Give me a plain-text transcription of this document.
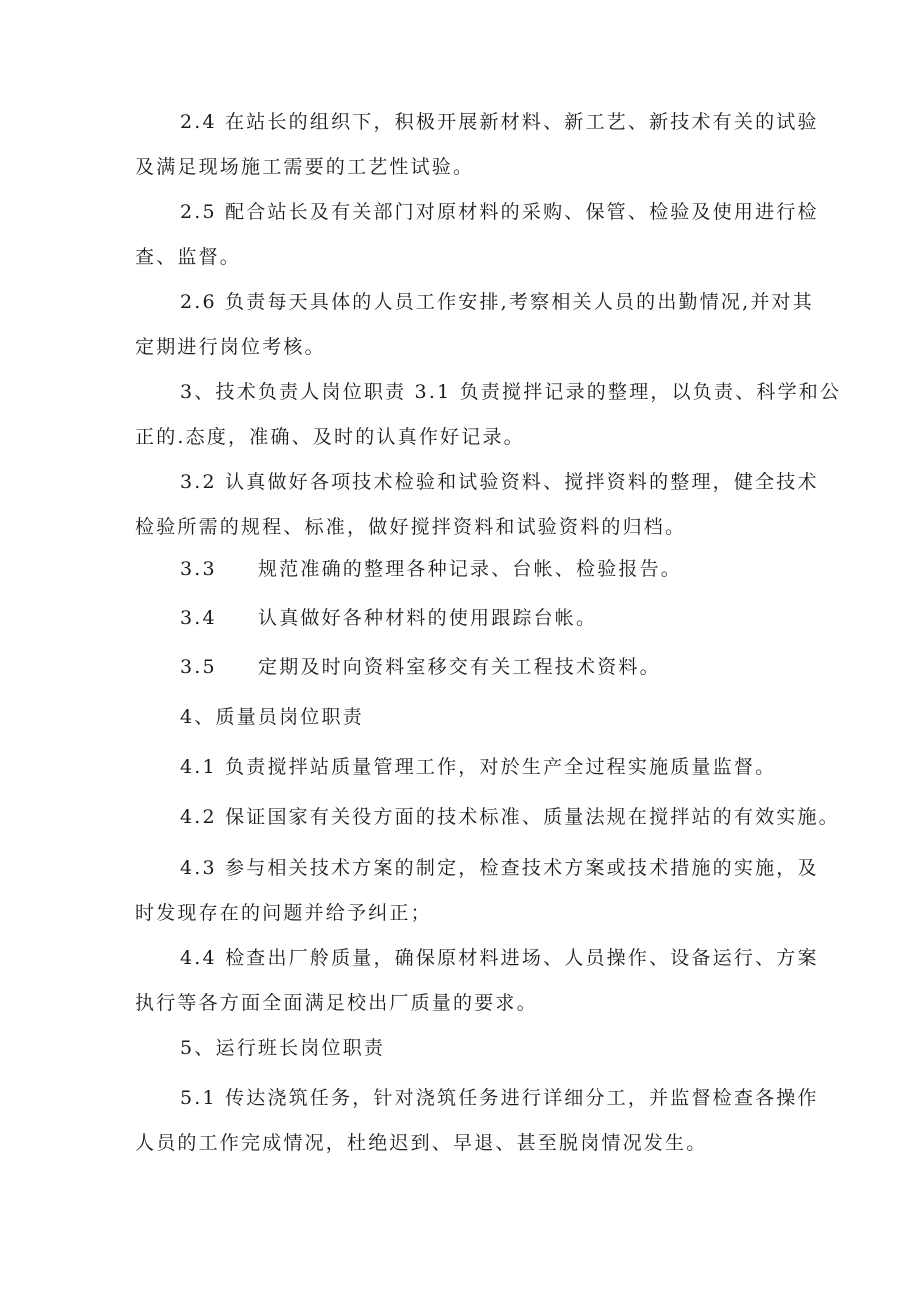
2.4 在站长的组织下，积极开展新材料、新工艺、新技术有关的试验
及满足现场施工需要的工艺性试验。
2.5 配合站长及有关部门对原材料的采购、保管、检验及使用进行检
查、监督。
2.6 负责每天具体的人员工作安排,考察相关人员的出勤情况,并对其
定期进行岗位考核。
3、技术负责人岗位职责 3.1 负责搅拌记录的整理，以负责、科学和公
正的.态度，准确、及时的认真作好记录。
3.2 认真做好各项技术检验和试验资料、搅拌资料的整理，健全技术
检验所需的规程、标准，做好搅拌资料和试验资料的归档。
3.3 规范准确的整理各种记录、台帐、检验报告。
3.4 认真做好各种材料的使用跟踪台帐。
3.5 定期及时向资料室移交有关工程技术资料。
4、质量员岗位职责
4.1 负责搅拌站质量管理工作，对於生产全过程实施质量监督。
4.2 保证国家有关役方面的技术标准、质量法规在搅拌站的有效实施。
4.3 参与相关技术方案的制定，检查技术方案或技术措施的实施，及
时发现存在的问题并给予纠正；
4.4 检查出厂舲质量，确保原材料进场、人员操作、设备运行、方案
执行等各方面全面满足校出厂质量的要求。
5、运行班长岗位职责
5.1 传达浇筑任务，针对浇筑任务进行详细分工，并监督检查各操作
人员的工作完成情况，杜绝迟到、早退、甚至脱岗情况发生。
